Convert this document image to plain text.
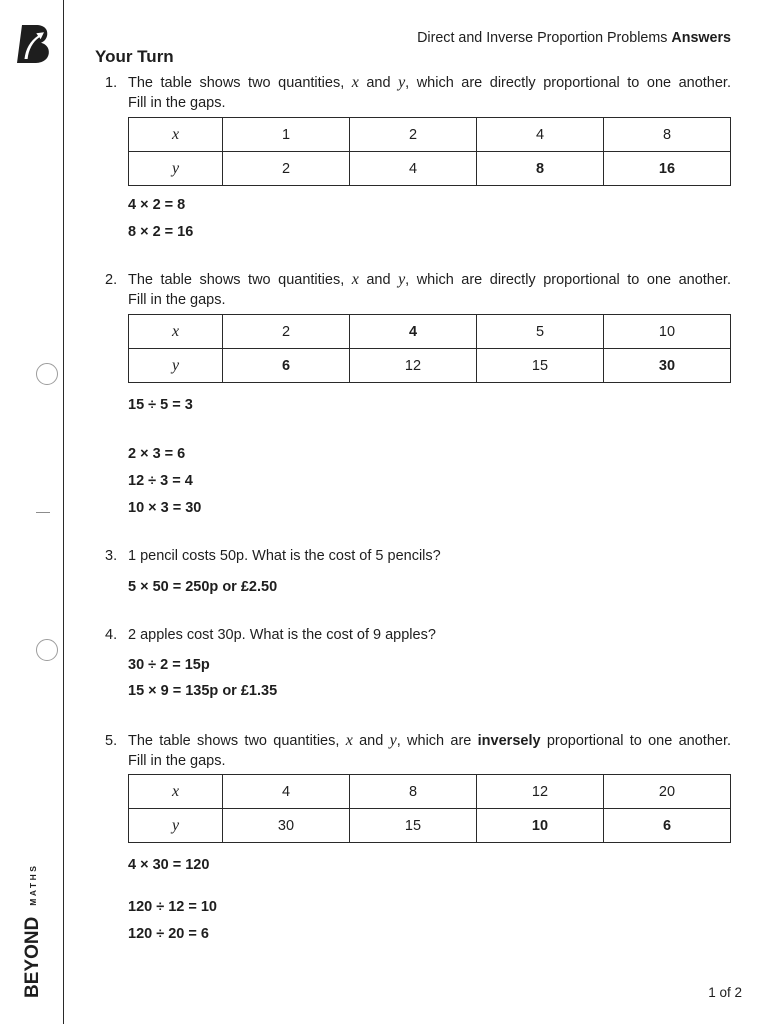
BEYOND
MATHS
Direct and Inverse Proportion Problems Answers
Your Turn
1. The table shows two quantities, x and y, which are directly proportional to one another.
Fill in the gaps.
x	1	2	4	8
y	2	4	8	16
4 × 2 = 8
8 × 2 = 16
2. The table shows two quantities, x and y, which are directly proportional to one another.
Fill in the gaps.
x	2	4	5	10
y	6	12	15	30
15 ÷ 5 = 3
2 × 3 = 6
12 ÷ 3 = 4
10 × 3 = 30
3. 1 pencil costs 50p. What is the cost of 5 pencils?
5 × 50 = 250p or £2.50
4. 2 apples cost 30p. What is the cost of 9 apples?
30 ÷ 2 = 15p
15 × 9 = 135p or £1.35
5. The table shows two quantities, x and y, which are inversely proportional to one another.
Fill in the gaps.
x	4	8	12	20
y	30	15	10	6
4 × 30 = 120
120 ÷ 12 = 10
120 ÷ 20 = 6
1 of 2
